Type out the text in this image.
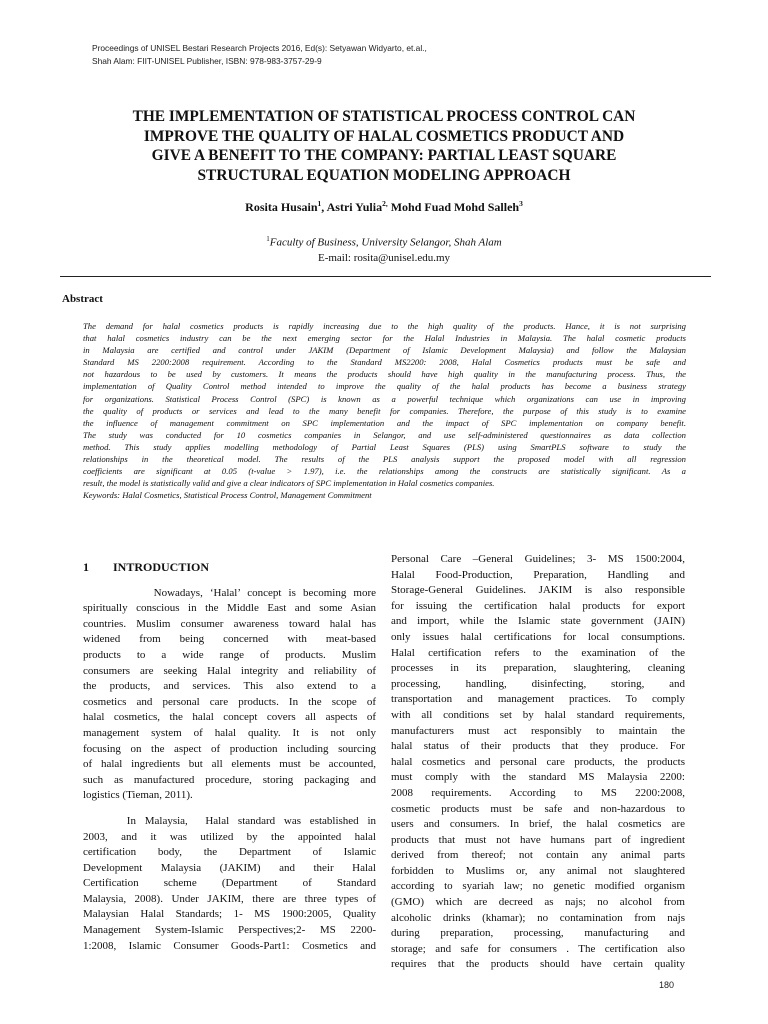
Proceedings of UNISEL Bestari Research Projects 2016, Ed(s): Setyawan Widyarto, et.al.,
Shah Alam: FIIT-UNISEL Publisher, ISBN: 978-983-3757-29-9
THE IMPLEMENTATION OF STATISTICAL PROCESS CONTROL CAN
IMPROVE THE QUALITY OF HALAL COSMETICS PRODUCT AND
GIVE A BENEFIT TO THE COMPANY: PARTIAL LEAST SQUARE
STRUCTURAL EQUATION MODELING APPROACH
Rosita Husain$^1$, Astri Yulia$^{2,}$ Mohd Fuad Mohd Salleh$^3$
$^1$Faculty of Business, University Selangor, Shah Alam
E-mail: rosita@unisel.edu.my
Abstract
The demand for halal cosmetics products is rapidly increasing due to the high quality of the products. Hance, it is not surprising
that halal cosmetics industry can be the next emerging sector for the Halal Industries in Malaysia. The halal cosmetic products
in Malaysia are certified and control under JAKIM (Department of Islamic Development Malaysia) and follow the Malaysian
Standard MS 2200:2008 requirement. According to the Standard MS2200: 2008, Halal Cosmetics products must be safe and
not hazardous to be used by customers. It means the products should have high quality in the manufacturing process. Thus, the
implementation of Quality Control method intended to improve the quality of the halal products has become a business strategy
for organizations. Statistical Process Control (SPC) is known as a powerful technique which organizations can use in improving
the quality of products or services and lead to the many benefit for companies. Therefore, the purpose of this study is to examine
the influence of management commitment on SPC implementation and the impact of SPC implementation on company benefit.
The study was conducted for 10 cosmetics companies in Selangor, and use self-administered questionnaires as data collection
method. This study applies modelling methodology of Partial Least Squares (PLS) using SmartPLS software to study the
relationships in the theoretical model. The results of the PLS analysis support the proposed model with all regression
coefficients are significant at 0.05 (t-value > 1.97), i.e. the relationships among the constructs are statistically significant. As a
result, the model is statistically valid and give a clear indicators of SPC implementation in Halal cosmetics companies.
Keywords: Halal Cosmetics, Statistical Process Control, Management Commitment
1 INTRODUCTION
Nowadays, ‘Halal’ concept is becoming more
spiritually conscious in the Middle East and some Asian
countries. Muslim consumer awareness toward halal has
widened from being concerned with meat-based
products to a wide range of products. Muslim
consumers are seeking Halal integrity and reliability of
the products, and services. This also extend to a
cosmetics and personal care products. In the scope of
halal cosmetics, the halal concept covers all aspects of
management system of halal quality. It is not only
focusing on the aspect of production including sourcing
of halal ingredients but all elements must be accounted,
such as manufactured procedure, storing packaging and
logistics (Tieman, 2011).
In Malaysia,  Halal standard was established in
2003, and it was utilized by the appointed halal
certification body, the Department of Islamic
Development Malaysia (JAKIM) and their Halal
Certification scheme (Department of Standard
Malaysia, 2008). Under JAKIM, there are three types of
Malaysian Halal Standards; 1- MS 1900:2005, Quality
Management System-Islamic Perspectives;2- MS 2200-
1:2008, Islamic Consumer Goods-Part1: Cosmetics and
Personal Care –General Guidelines; 3- MS 1500:2004,
Halal Food-Production, Preparation, Handling and
Storage-General Guidelines. JAKIM is also responsible
for issuing the certification halal products for export
and import, while the Islamic state government (JAIN)
only issues halal certifications for local consumptions.
Halal certification refers to the examination of the
processes in its preparation, slaughtering, cleaning
processing, handling, disinfecting, storing, and
transportation and management practices. To comply
with all conditions set by halal standard requirements,
manufacturers must act responsibly to maintain the
halal status of their products that they produce. For
halal cosmetics and personal care products, the products
must comply with the standard MS Malaysia 2200:
2008 requirements. According to MS 2200:2008,
cosmetic products must be safe and non-hazardous to
users and consumers. In brief, the halal cosmetics are
products that must not have humans part of ingredient
derived from thereof; not contain any animal parts
forbidden to Muslims or, any animal not slaughtered
according to syariah law; no genetic modified organism
(GMO) which are decreed as najs; no alcohol from
alcoholic drinks (khamar); no contamination from najs
during preparation, processing, manufacturing and
storage; and safe for consumers . The certification also
requires that the products should have certain quality
180
